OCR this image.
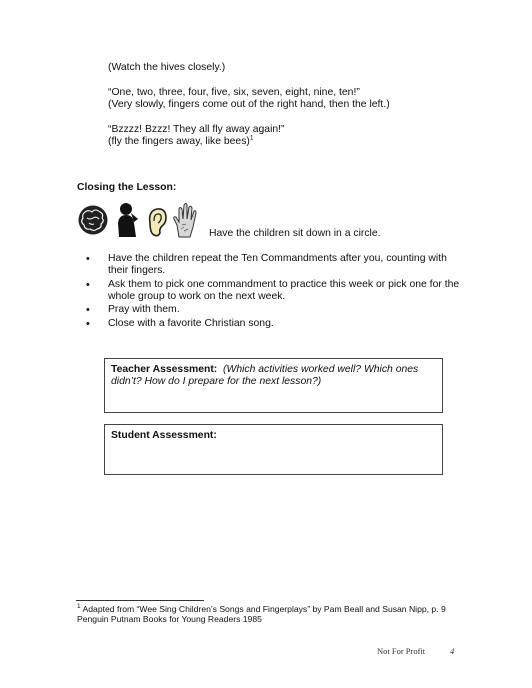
(Watch the hives closely.)
“One, two, three, four, five, six, seven, eight, nine, ten!”
(Very slowly, fingers come out of the right hand, then the left.)
“Bzzzz! Bzzz! They all fly away again!”
(fly the fingers away, like bees)$^1$
Closing the Lesson:
Have the children sit down in a circle.
• Have the children repeat the Ten Commandments after you, counting with their fingers.
• Ask them to pick one commandment to practice this week or pick one for the whole group to work on the next week.
• Pray with them.
• Close with a favorite Christian song.
Teacher Assessment: (Which activities worked well? Which ones didn’t? How do I prepare for the next lesson?)
Student Assessment:
$^1$ Adapted from “Wee Sing Children’s Songs and Fingerplays” by Pam Beall and Susan Nipp, p. 9
Penguin Putnam Books for Young Readers 1985
Not For Profit	4
